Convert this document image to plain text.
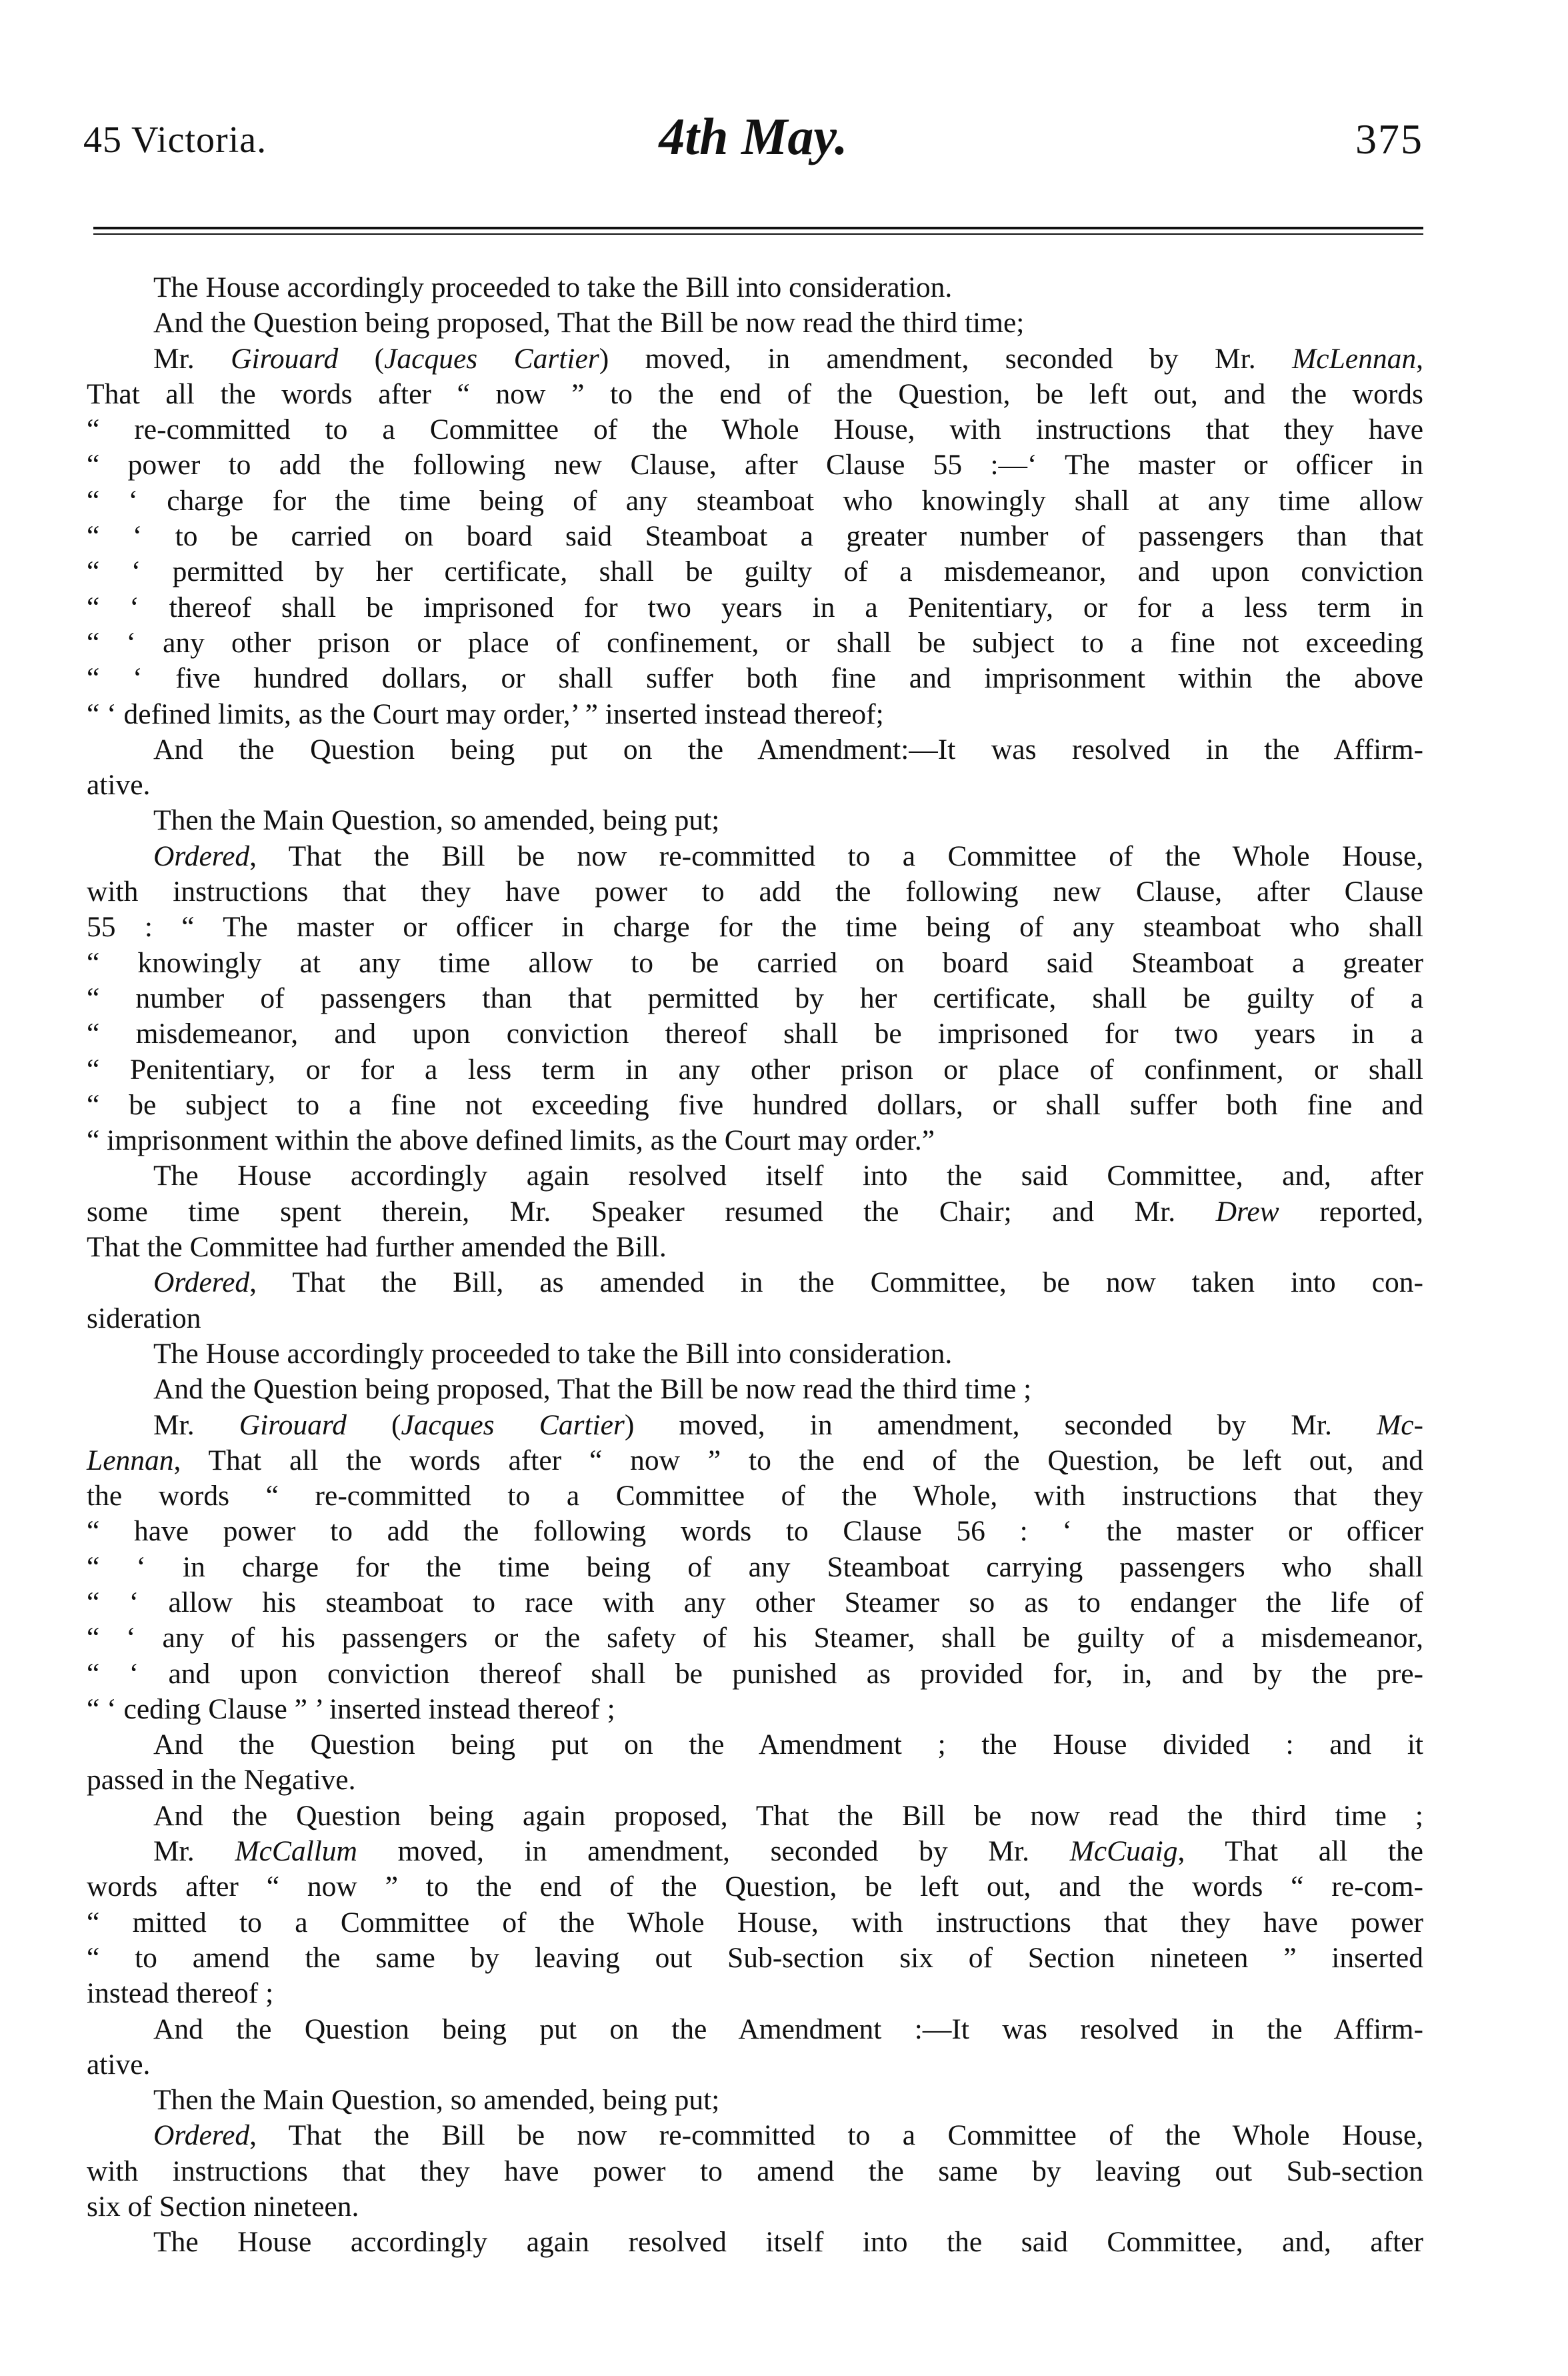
45 Victoria.	4th May.	375
The House accordingly proceeded to take the Bill into consideration.
And the Question being proposed, That the Bill be now read the third time;
Mr. Girouard (Jacques Cartier) moved, in amendment, seconded by Mr. McLennan,
That all the words after “ now ” to the end of the Question, be left out, and the words
“ re-committed to a Committee of the Whole House, with instructions that they have
“ power to add the following new Clause, after Clause 55 :—‘ The master or officer in
“ ‘ charge for the time being of any steamboat who knowingly shall at any time allow
“ ‘ to be carried on board said Steamboat a greater number of passengers than that
“ ‘ permitted by her certificate, shall be guilty of a misdemeanor, and upon conviction
“ ‘ thereof shall be imprisoned for two years in a Penitentiary, or for a less term in
“ ‘ any other prison or place of confinement, or shall be subject to a fine not exceeding
“ ‘ five hundred dollars, or shall suffer both fine and imprisonment within the above
“ ‘ defined limits, as the Court may order,’ ” inserted instead thereof;
And the Question being put on the Amendment:—It was resolved in the Affirm-
ative.
Then the Main Question, so amended, being put;
Ordered, That the Bill be now re-committed to a Committee of the Whole House,
with instructions that they have power to add the following new Clause, after Clause
55 : “ The master or officer in charge for the time being of any steamboat who shall
“ knowingly at any time allow to be carried on board said Steamboat a greater
“ number of passengers than that permitted by her certificate, shall be guilty of a
“ misdemeanor, and upon conviction thereof shall be imprisoned for two years in a
“ Penitentiary, or for a less term in any other prison or place of confinment, or shall
“ be subject to a fine not exceeding five hundred dollars, or shall suffer both fine and
“ imprisonment within the above defined limits, as the Court may order.”
The House accordingly again resolved itself into the said Committee, and, after
some time spent therein, Mr. Speaker resumed the Chair; and Mr. Drew reported,
That the Committee had further amended the Bill.
Ordered, That the Bill, as amended in the Committee, be now taken into con-
sideration
The House accordingly proceeded to take the Bill into consideration.
And the Question being proposed, That the Bill be now read the third time ;
Mr. Girouard (Jacques Cartier) moved, in amendment, seconded by Mr. Mc-
Lennan, That all the words after “ now ” to the end of the Question, be left out, and
the words “ re-committed to a Committee of the Whole, with instructions that they
“ have power to add the following words to Clause 56 : ‘ the master or officer
“ ‘ in charge for the time being of any Steamboat carrying passengers who shall
“ ‘ allow his steamboat to race with any other Steamer so as to endanger the life of
“ ‘ any of his passengers or the safety of his Steamer, shall be guilty of a misdemeanor,
“ ‘ and upon conviction thereof shall be punished as provided for, in, and by the pre-
“ ‘ ceding Clause ” ’ inserted instead thereof ;
And the Question being put on the Amendment ; the House divided : and it
passed in the Negative.
And the Question being again proposed, That the Bill be now read the third time ;
Mr. McCallum moved, in amendment, seconded by Mr. McCuaig, That all the
words after “ now ” to the end of the Question, be left out, and the words “ re-com-
“ mitted to a Committee of the Whole House, with instructions that they have power
“ to amend the same by leaving out Sub-section six of Section nineteen ” inserted
instead thereof ;
And the Question being put on the Amendment :—It was resolved in the Affirm-
ative.
Then the Main Question, so amended, being put;
Ordered, That the Bill be now re-committed to a Committee of the Whole House,
with instructions that they have power to amend the same by leaving out Sub-section
six of Section nineteen.
The House accordingly again resolved itself into the said Committee, and, after
